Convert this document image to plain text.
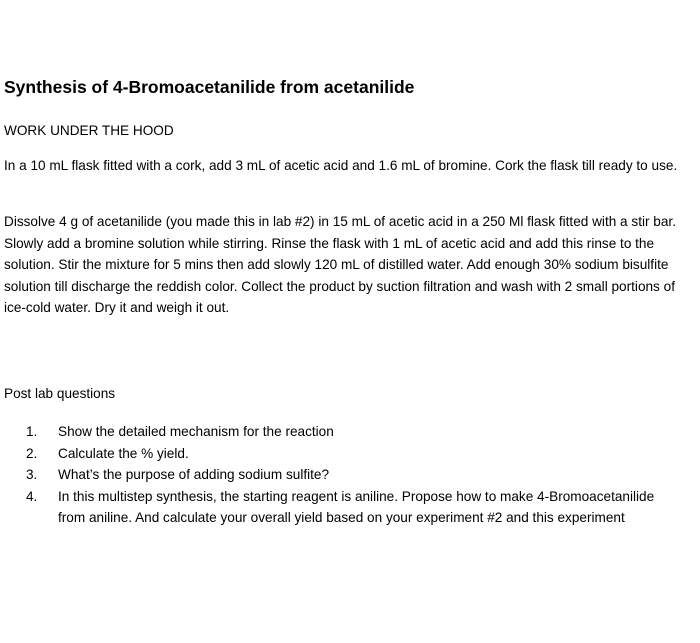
Synthesis of 4-Bromoacetanilide from acetanilide
WORK UNDER THE HOOD
In a 10 mL flask fitted with a cork, add 3 mL of acetic acid and 1.6 mL of bromine. Cork the flask till ready to use.
Dissolve 4 g of acetanilide (you made this in lab #2) in 15 mL of acetic acid in a 250 Ml flask fitted with a stir bar. Slowly add a bromine solution while stirring. Rinse the flask with 1 mL of acetic acid and add this rinse to the solution. Stir the mixture for 5 mins then add slowly 120 mL of distilled water. Add enough 30% sodium bisulfite solution till discharge the reddish color. Collect the product by suction filtration and wash with 2 small portions of ice-cold water. Dry it and weigh it out.
Post lab questions
1.	Show the detailed mechanism for the reaction
2.	Calculate the % yield.
3.	What’s the purpose of adding sodium sulfite?
4.	In this multistep synthesis, the starting reagent is aniline. Propose how to make 4-Bromoacetanilide from aniline. And calculate your overall yield based on your experiment #2 and this experiment
